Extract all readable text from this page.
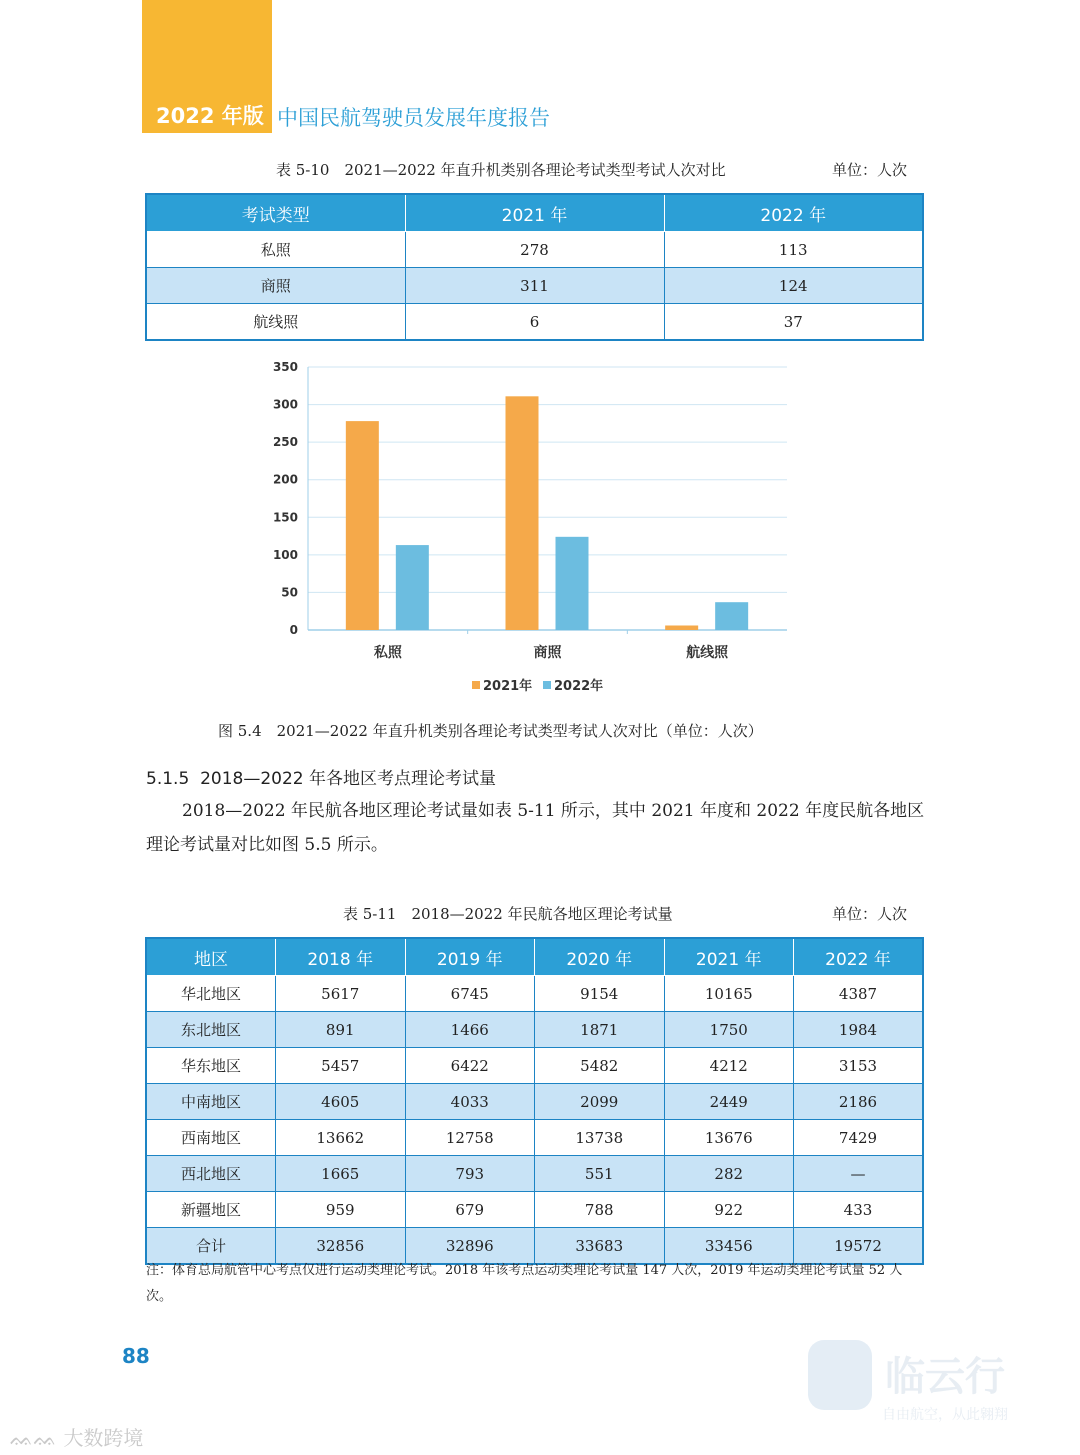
2022 年版 中国民航驾驶员发展年度报告
表 5-10　2021—2022 年直升机类别各理论考试类型考试人次对比	单位：人次
考试类型	2021 年	2022 年
私照	278	113
商照	311	124
航线照	6	37
0
50
100
150
200
250
300
350
私照	商照	航线照
2021年 2022年
图 5.4　2021—2022 年直升机类别各理论考试类型考试人次对比（单位：人次）
5.1.5 2018—2022 年各地区考点理论考试量
2018—2022 年民航各地区理论考试量如表 5-11 所示，其中 2021 年度和 2022 年度民航各地区理论考试量对比如图 5.5 所示。
表 5-11　2018—2022 年民航各地区理论考试量	单位：人次
地区	2018 年	2019 年	2020 年	2021 年	2022 年
华北地区	5617	6745	9154	10165	4387
东北地区	891	1466	1871	1750	1984
华东地区	5457	6422	5482	4212	3153
中南地区	4605	4033	2099	2449	2186
西南地区	13662	12758	13738	13676	7429
西北地区	1665	793	551	282	—
新疆地区	959	679	788	922	433
合计	32856	32896	33683	33456	19572
注：体育总局航管中心考点仅进行运动类理论考试。2018 年该考点运动类理论考试量 147 人次，2019 年运动类理论考试量 52 人次。
88
ᨐᨐ 大数跨境
临云行
自由航空，从此翱翔
